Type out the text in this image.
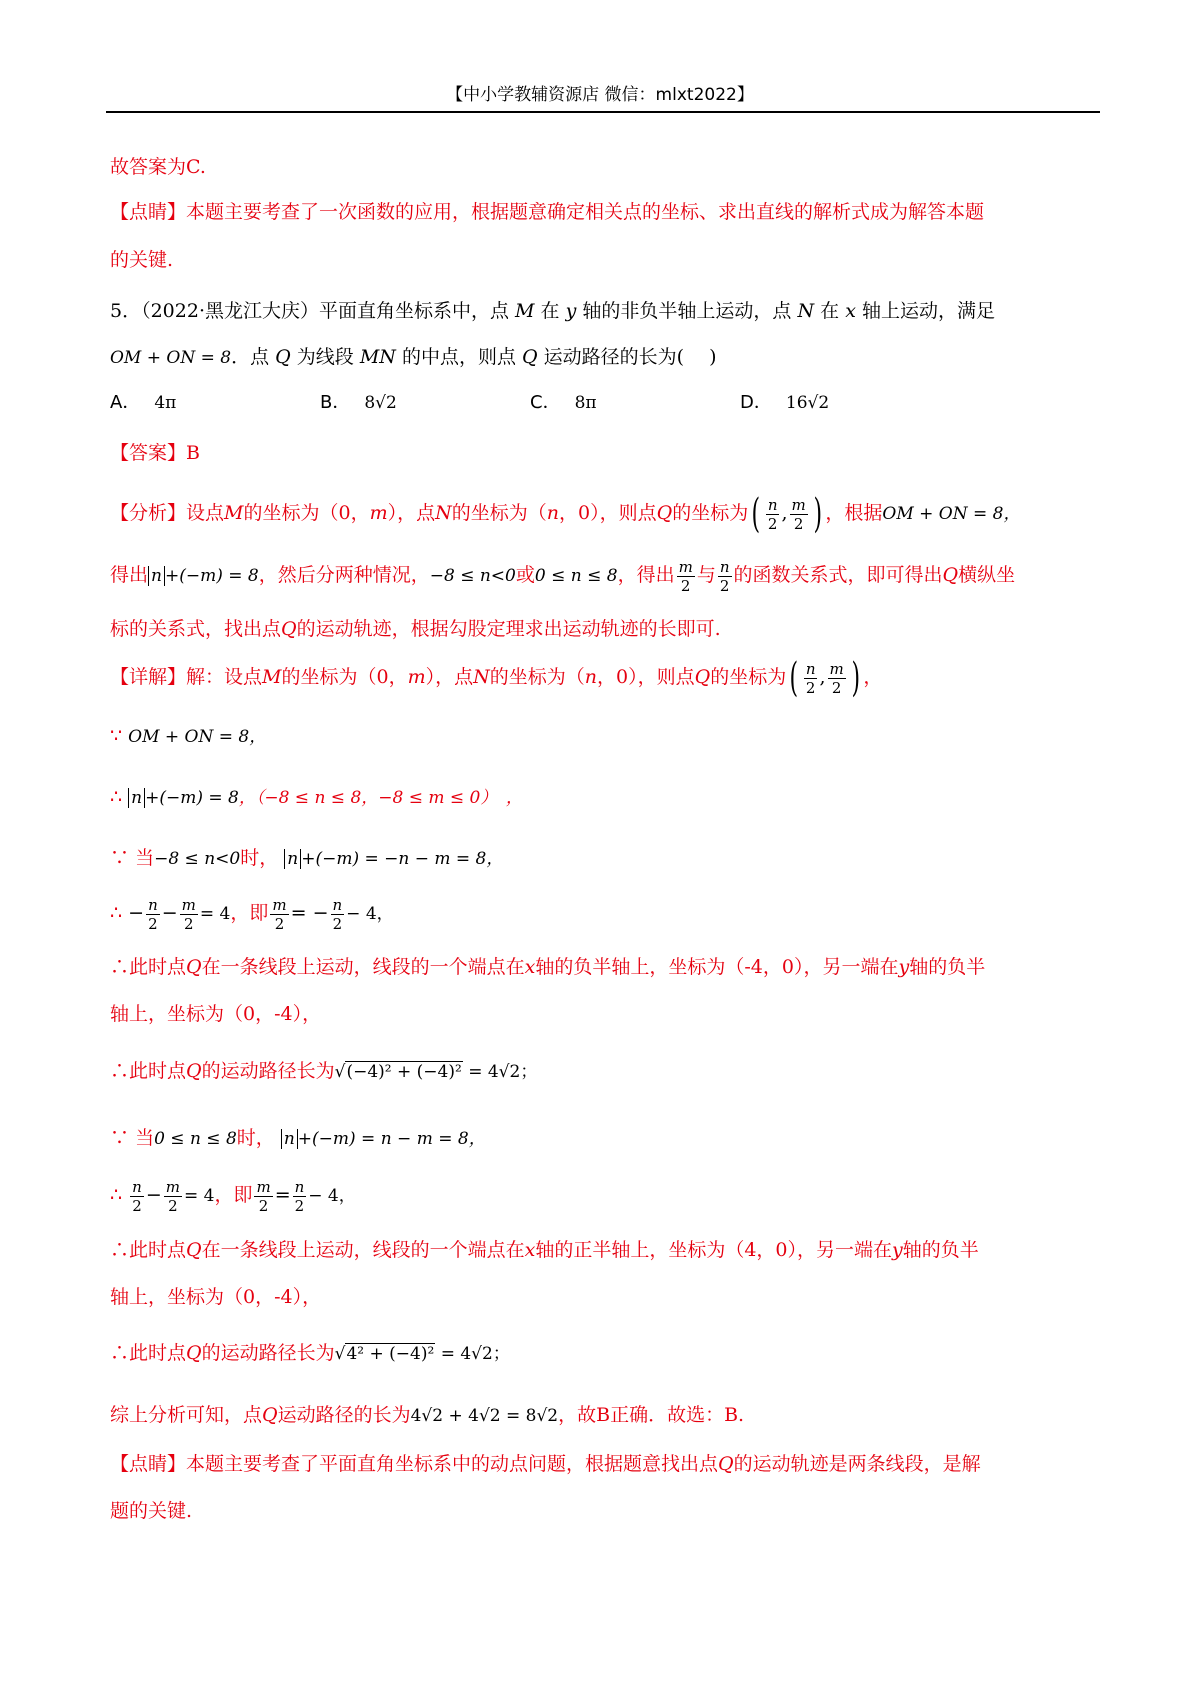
【中小学教辅资源店 微信：mlxt2022】
故答案为C.
【点睛】本题主要考查了一次函数的应用，根据题意确定相关点的坐标、求出直线的解析式成为解答本题
的关键.
5．（2022·黑龙江大庆）平面直角坐标系中，点 M 在 y 轴的非负半轴上运动，点 N 在 x 轴上运动，满足
OM + ON = 8．点 Q 为线段 MN 的中点，则点 Q 运动路径的长为(　 )
A． 4π	B． 8√2	C． 8π	D． 16√2
【答案】B
【分析】设点M的坐标为（0，m），点N的坐标为（n，0），则点Q的坐标为( $\frac{n}{2}$ , $\frac{m}{2}$ ) ，根据OM + ON = 8，
得出 n +(−m) = 8，然后分两种情况，−8 ≤ n<0或0 ≤ n ≤ 8，得出 $\frac{m}{2}$ 与 $\frac{n}{2}$ 的函数关系式，即可得出Q横纵坐
标的关系式，找出点Q的运动轨迹，根据勾股定理求出运动轨迹的长即可.
【详解】解：设点M的坐标为（0，m），点N的坐标为（n，0），则点Q的坐标为( $\frac{n}{2}$ , $\frac{m}{2}$ ) ，
∵ OM + ON = 8，
∴ n +(−m) = 8，（−8 ≤ n ≤ 8，−8 ≤ m ≤ 0）　，
∵ 当−8 ≤ n<0时， n +(−m) = −n − m = 8，
∴ − $\frac{n}{2} - \frac{m}{2} = 4$，即 $\frac{m}{2}$ = − $\frac{n}{2} - 4$，
∴此时点Q在一条线段上运动，线段的一个端点在x轴的负半轴上，坐标为（-4，0），另一端在y轴的负半
轴上，坐标为（0，-4），
∴此时点Q的运动路径长为√(−4)² + (−4)² = 4√2；
∵ 当0 ≤ n ≤ 8时， n +(−m) = n − m = 8，
∴ $\frac{n}{2} - \frac{m}{2} = 4$，即 $\frac{m}{2} = \frac{n}{2} - 4$，
∴此时点Q在一条线段上运动，线段的一个端点在x轴的正半轴上，坐标为（4，0），另一端在y轴的负半
轴上，坐标为（0，-4），
∴此时点Q的运动路径长为√4² + (−4)² = 4√2；
综上分析可知，点Q运动路径的长为4√2 + 4√2 = 8√2，故B正确．故选：B.
【点睛】本题主要考查了平面直角坐标系中的动点问题，根据题意找出点Q的运动轨迹是两条线段，是解
题的关键.
